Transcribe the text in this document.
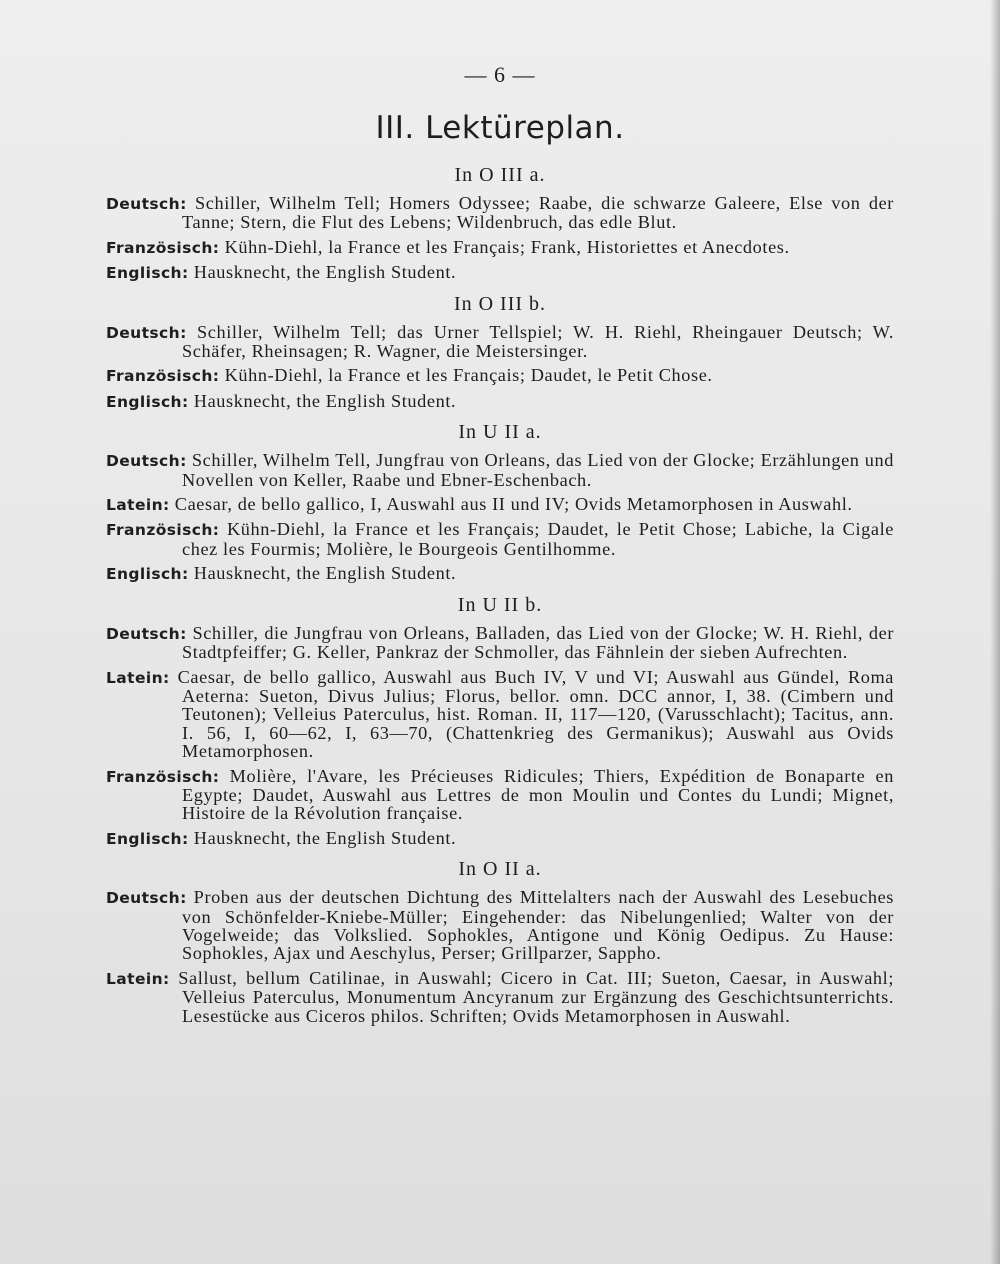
— 6 —
III. Lektüreplan.
In O III a.
Deutsch: Schiller, Wilhelm Tell; Homers Odyssee; Raabe, die schwarze Galeere, Else von der Tanne; Stern, die Flut des Lebens; Wildenbruch, das edle Blut.
Französisch: Kühn-Diehl, la France et les Français; Frank, Historiettes et Anecdotes.
Englisch: Hausknecht, the English Student.
In O III b.
Deutsch: Schiller, Wilhelm Tell; das Urner Tellspiel; W. H. Riehl, Rheingauer Deutsch; W. Schäfer, Rheinsagen; R. Wagner, die Meistersinger.
Französisch: Kühn-Diehl, la France et les Français; Daudet, le Petit Chose.
Englisch: Hausknecht, the English Student.
In U II a.
Deutsch: Schiller, Wilhelm Tell, Jungfrau von Orleans, das Lied von der Glocke; Erzählungen und Novellen von Keller, Raabe und Ebner-Eschenbach.
Latein: Caesar, de bello gallico, I, Auswahl aus II und IV; Ovids Metamorphosen in Auswahl.
Französisch: Kühn-Diehl, la France et les Français; Daudet, le Petit Chose; Labiche, la Cigale chez les Fourmis; Molière, le Bourgeois Gentilhomme.
Englisch: Hausknecht, the English Student.
In U II b.
Deutsch: Schiller, die Jungfrau von Orleans, Balladen, das Lied von der Glocke; W. H. Riehl, der Stadtpfeiffer; G. Keller, Pankraz der Schmoller, das Fähnlein der sieben Aufrechten.
Latein: Caesar, de bello gallico, Auswahl aus Buch IV, V und VI; Auswahl aus Gündel, Roma Aeterna: Sueton, Divus Julius; Florus, bellor. omn. DCC annor, I, 38. (Cimbern und Teutonen); Velleius Paterculus, hist. Roman. II, 117—120, (Varusschlacht); Tacitus, ann. I. 56, I, 60—62, I, 63—70, (Chattenkrieg des Germanikus); Auswahl aus Ovids Metamorphosen.
Französisch: Molière, l'Avare, les Précieuses Ridicules; Thiers, Expédition de Bonaparte en Egypte; Daudet, Auswahl aus Lettres de mon Moulin und Contes du Lundi; Mignet, Histoire de la Révolution française.
Englisch: Hausknecht, the English Student.
In O II a.
Deutsch: Proben aus der deutschen Dichtung des Mittelalters nach der Auswahl des Lesebuches von Schönfelder-Kniebe-Müller; Eingehender: das Nibelungenlied; Walter von der Vogelweide; das Volkslied. Sophokles, Antigone und König Oedipus. Zu Hause: Sophokles, Ajax und Aeschylus, Perser; Grillparzer, Sappho.
Latein: Sallust, bellum Catilinae, in Auswahl; Cicero in Cat. III; Sueton, Caesar, in Auswahl; Velleius Paterculus, Monumentum Ancyranum zur Ergänzung des Geschichtsunterrichts. Lesestücke aus Ciceros philos. Schriften; Ovids Metamorphosen in Auswahl.
